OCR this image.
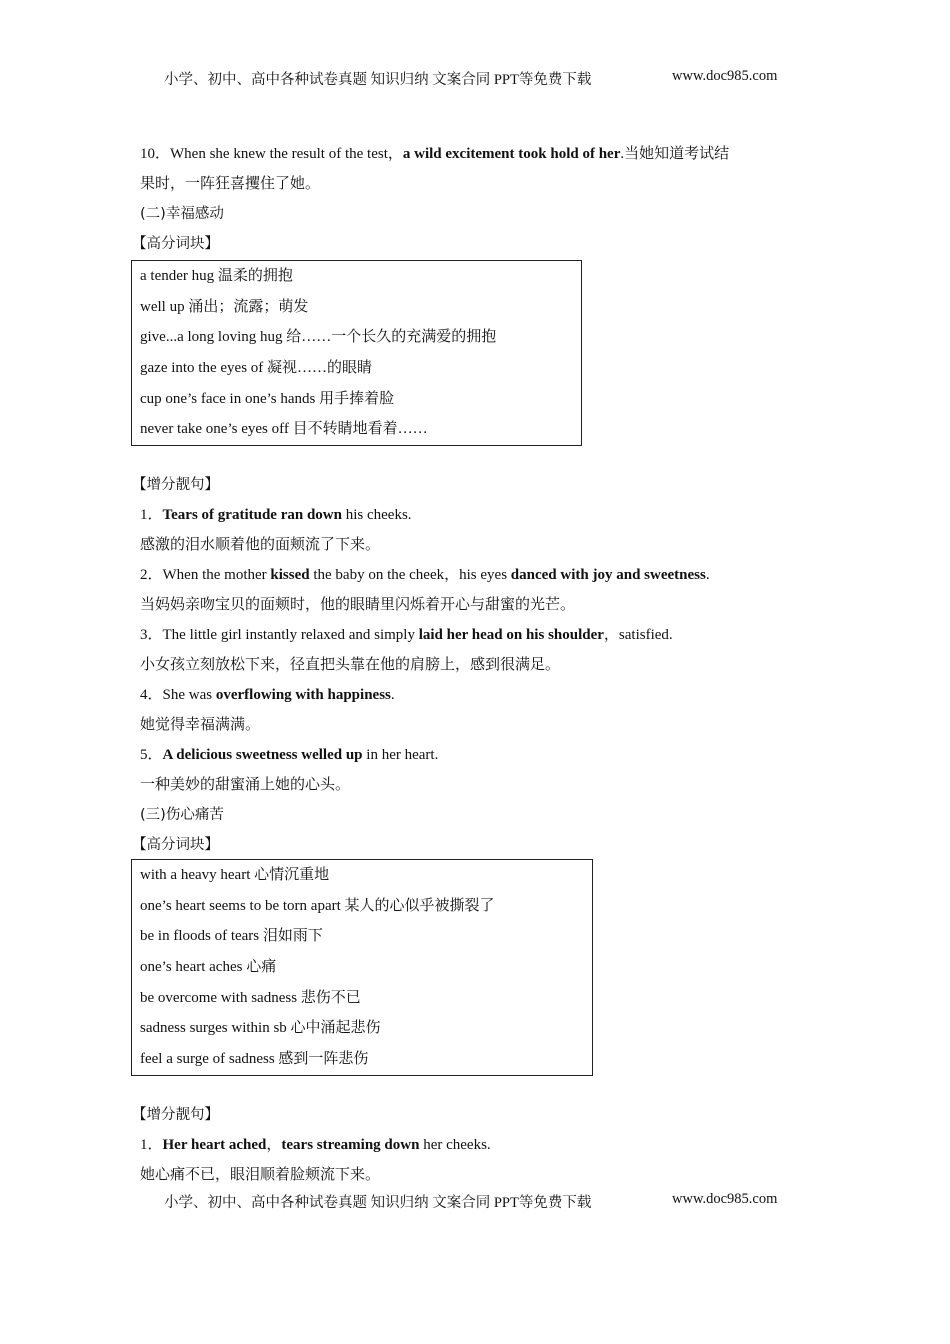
小学、初中、高中各种试卷真题 知识归纳 文案合同 PPT等免费下载	www.doc985.com
10．When she knew the result of the test，a wild excitement took hold of her.当她知道考试结
果时，一阵狂喜攫住了她。
(二)幸福感动
【高分词块】
a tender hug 温柔的拥抱
well up 涌出；流露；萌发
give...a long loving hug 给……一个长久的充满爱的拥抱
gaze into the eyes of 凝视……的眼睛
cup one’s face in one’s hands 用手捧着脸
never take one’s eyes off 目不转睛地看着……
【增分靓句】
1．Tears of gratitude ran down his cheeks.
感激的泪水顺着他的面颊流了下来。
2．When the mother kissed the baby on the cheek，his eyes danced with joy and sweetness.
当妈妈亲吻宝贝的面颊时，他的眼睛里闪烁着开心与甜蜜的光芒。
3．The little girl instantly relaxed and simply laid her head on his shoulder，satisfied.
小女孩立刻放松下来，径直把头靠在他的肩膀上，感到很满足。
4．She was overflowing with happiness.
她觉得幸福满满。
5．A delicious sweetness welled up in her heart.
一种美妙的甜蜜涌上她的心头。
(三)伤心痛苦
【高分词块】
with a heavy heart 心情沉重地
one’s heart seems to be torn apart 某人的心似乎被撕裂了
be in floods of tears 泪如雨下
one’s heart aches 心痛
be overcome with sadness 悲伤不已
sadness surges within sb 心中涌起悲伤
feel a surge of sadness 感到一阵悲伤
【增分靓句】
1．Her heart ached，tears streaming down her cheeks.
她心痛不已，眼泪顺着脸颊流下来。
小学、初中、高中各种试卷真题 知识归纳 文案合同 PPT等免费下载	www.doc985.com
